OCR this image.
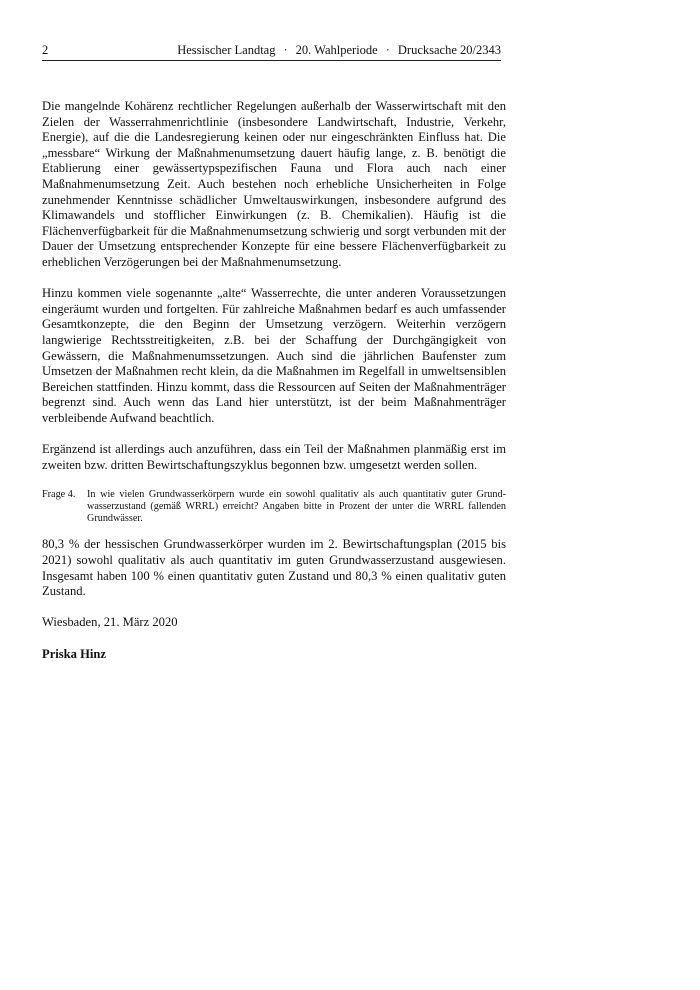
2	Hessischer Landtag · 20. Wahlperiode · Drucksache 20/2343

Die mangelnde Kohärenz rechtlicher Regelungen außerhalb der Wasserwirtschaft mit den Zielen der Wasserrahmenrichtlinie (insbesondere Landwirtschaft, Industrie, Verkehr, Energie), auf die die Landesregierung keinen oder nur eingeschränkten Einfluss hat. Die „messbare“ Wirkung der Maßnahmenumsetzung dauert häufig lange, z. B. benötigt die Etablierung einer gewässertypspezifischen Fauna und Flora auch nach einer Maßnahmenumsetzung Zeit. Auch bestehen noch erhebliche Unsicherheiten in Folge zunehmender Kenntnisse schädlicher Umweltauswirkungen, insbesondere aufgrund des Klimawandels und stofflicher Einwirkungen (z. B. Chemikalien). Häufig ist die Flächenverfügbarkeit für die Maßnahmenumsetzung schwierig und sorgt verbunden mit der Dauer der Umsetzung entsprechender Konzepte für eine bessere Flächenverfügbarkeit zu erheblichen Verzögerungen bei der Maßnahmenumsetzung.

Hinzu kommen viele sogenannte „alte“ Wasserrechte, die unter anderen Voraussetzungen eingeräumt wurden und fortgelten. Für zahlreiche Maßnahmen bedarf es auch umfassender Gesamtkonzepte, die den Beginn der Umsetzung verzögern. Weiterhin verzögern langwierige Rechtsstreitigkeiten, z.B. bei der Schaffung der Durchgängigkeit von Gewässern, die Maßnahmenumssetzungen. Auch sind die jährlichen Baufenster zum Umsetzen der Maßnahmen recht klein, da die Maßnahmen im Regelfall in umweltsensiblen Bereichen stattfinden. Hinzu kommt, dass die Ressourcen auf Seiten der Maßnahmenträger begrenzt sind. Auch wenn das Land hier unterstützt, ist der beim Maßnahmenträger verbleibende Aufwand beachtlich.

Ergänzend ist allerdings auch anzuführen, dass ein Teil der Maßnahmen planmäßig erst im zweiten bzw. dritten Bewirtschaftungszyklus begonnen bzw. umgesetzt werden sollen.

Frage 4.	In wie vielen Grundwasserkörpern wurde ein sowohl qualitativ als auch quantitativ guter Grundwasserzustand (gemäß WRRL) erreicht? Angaben bitte in Prozent der unter die WRRL fallenden Grundwässer.

80,3 % der hessischen Grundwasserkörper wurden im 2. Bewirtschaftungsplan (2015 bis 2021) sowohl qualitativ als auch quantitativ im guten Grundwasserzustand ausgewiesen. Insgesamt haben 100 % einen quantitativ guten Zustand und 80,3 % einen qualitativ guten Zustand.

Wiesbaden, 21. März 2020

Priska Hinz
